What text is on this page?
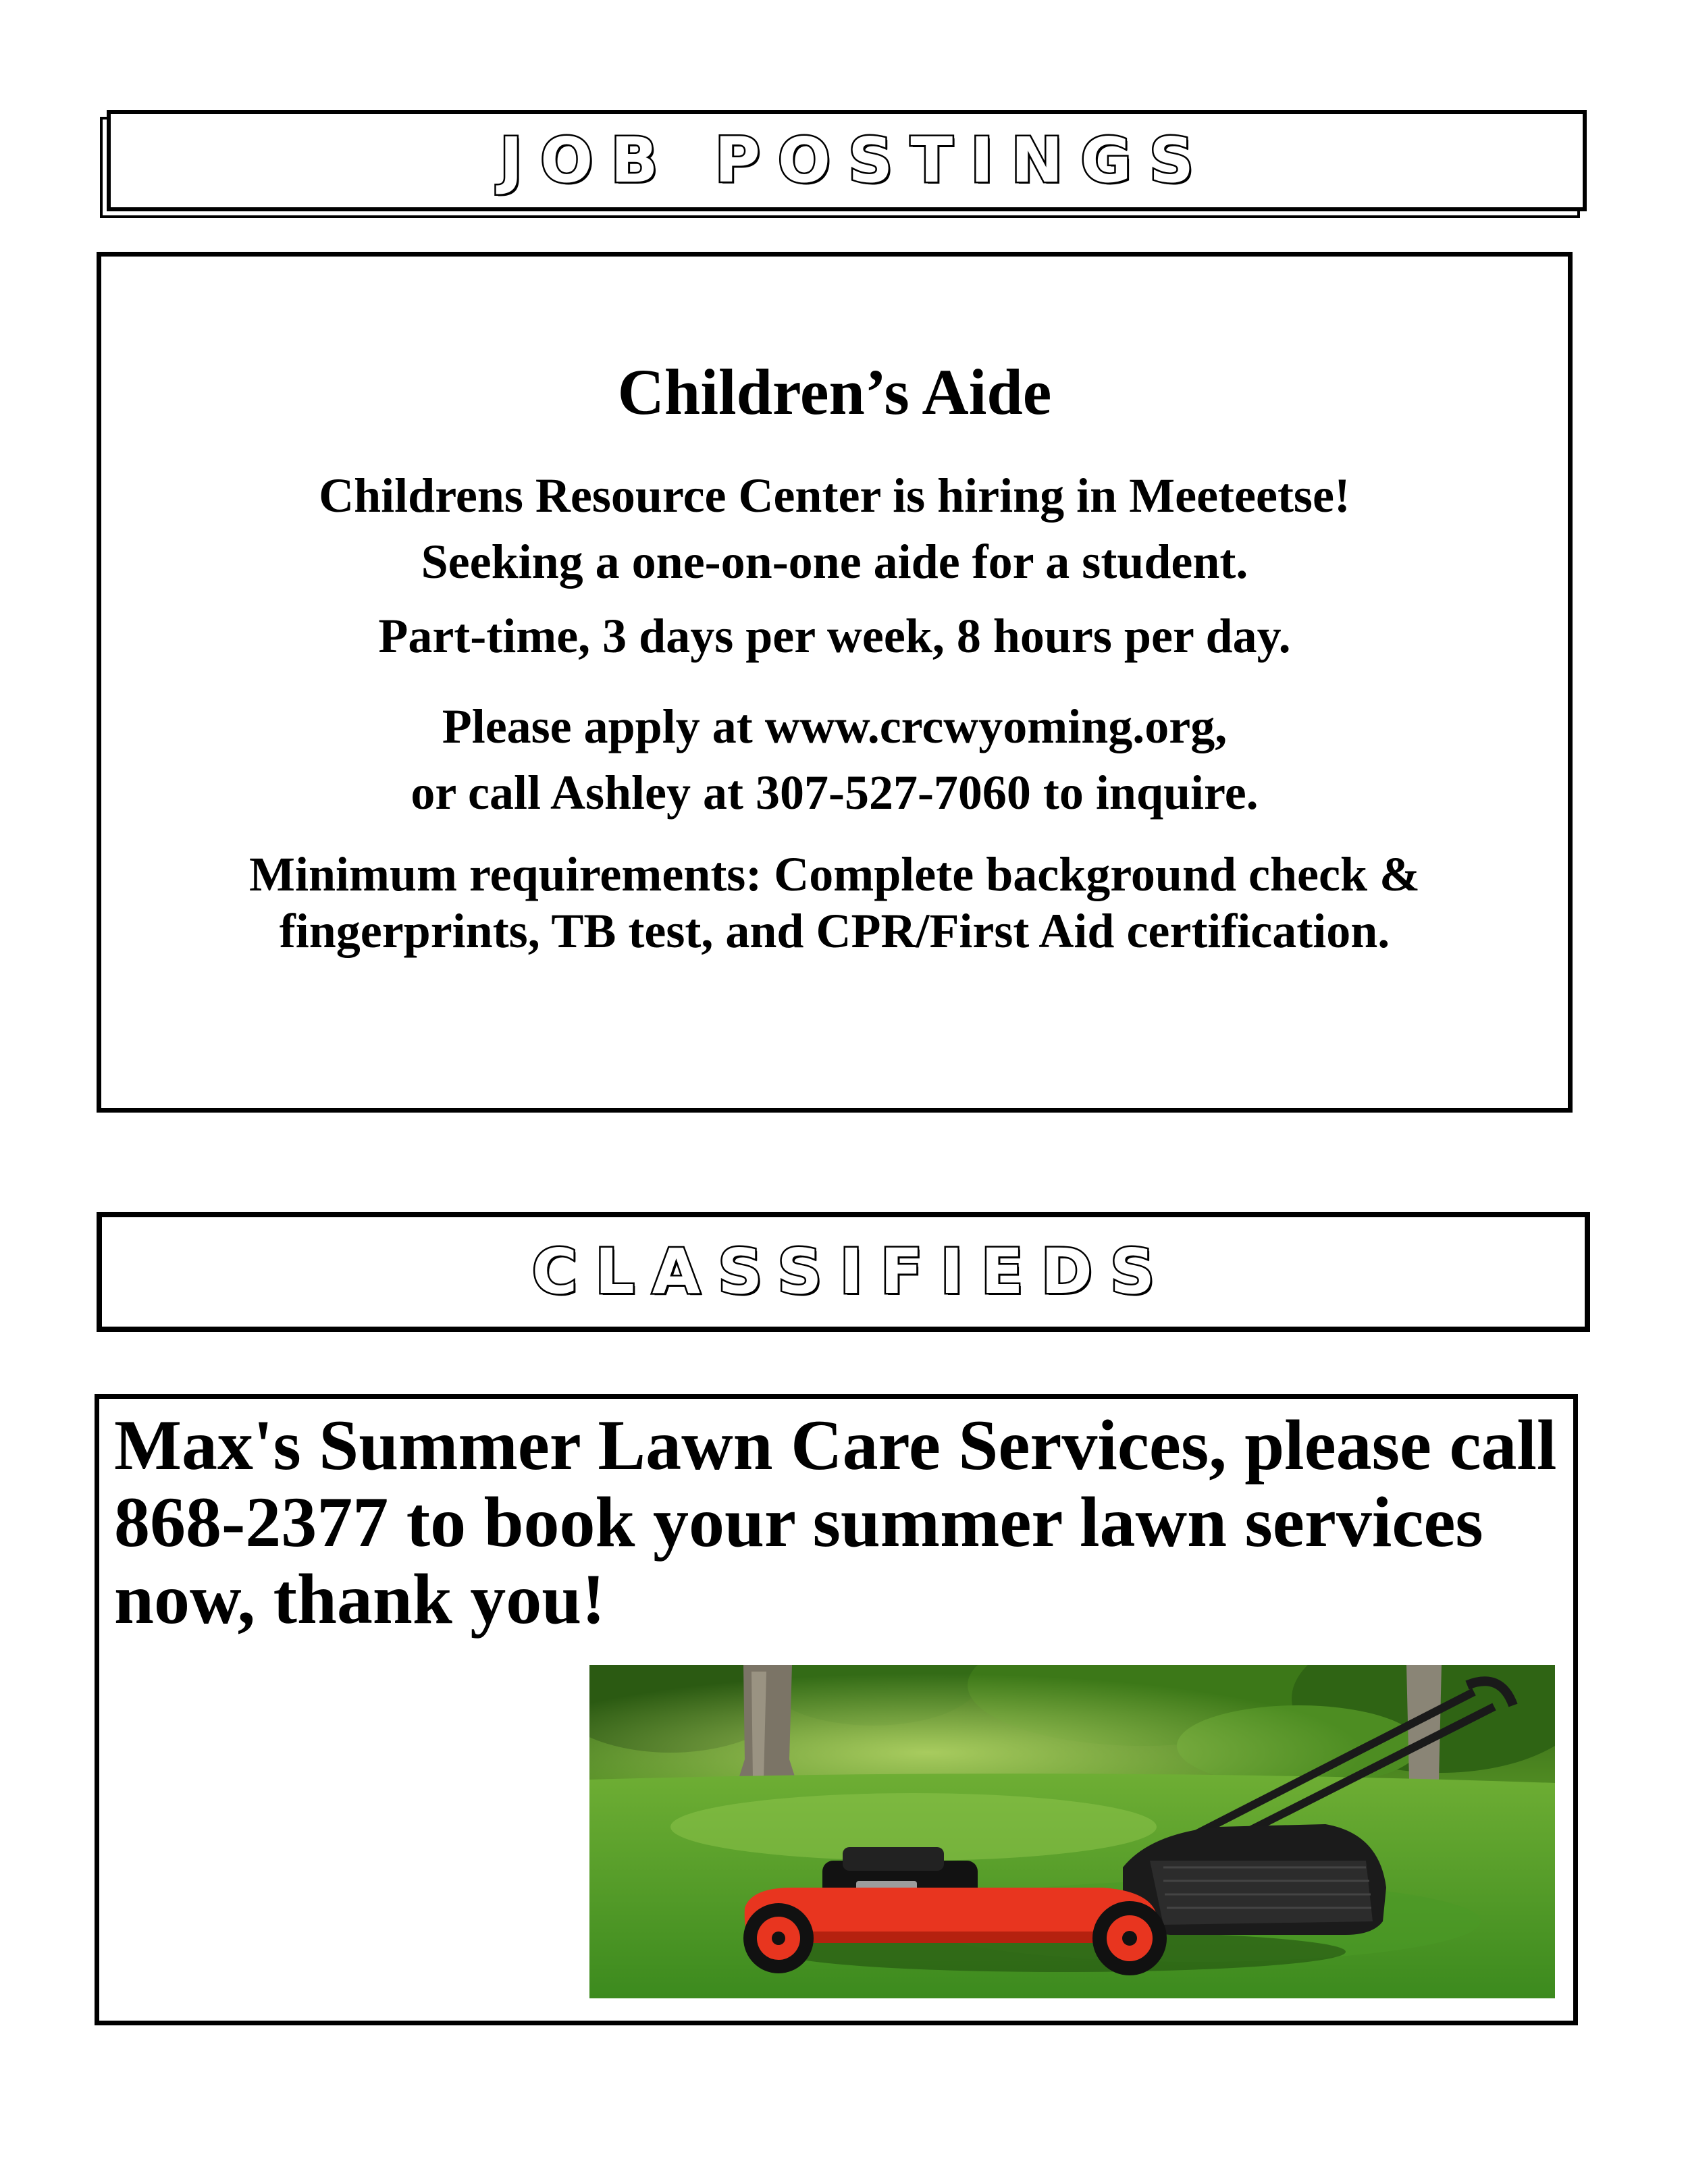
JOB POSTINGS
Children’s Aide

Childrens Resource Center is hiring in Meeteetse!

Seeking a one-on-one aide for a student.

Part-time, 3 days per week, 8 hours per day.

Please apply at www.crcwyoming.org,

or call Ashley at 307-527-7060 to inquire.

Minimum requirements: Complete background check &

fingerprints, TB test, and CPR/First Aid certification.

CLASSIFIEDS

Max's Summer Lawn Care Services, please call 868-2377 to book your summer lawn services now, thank you!
